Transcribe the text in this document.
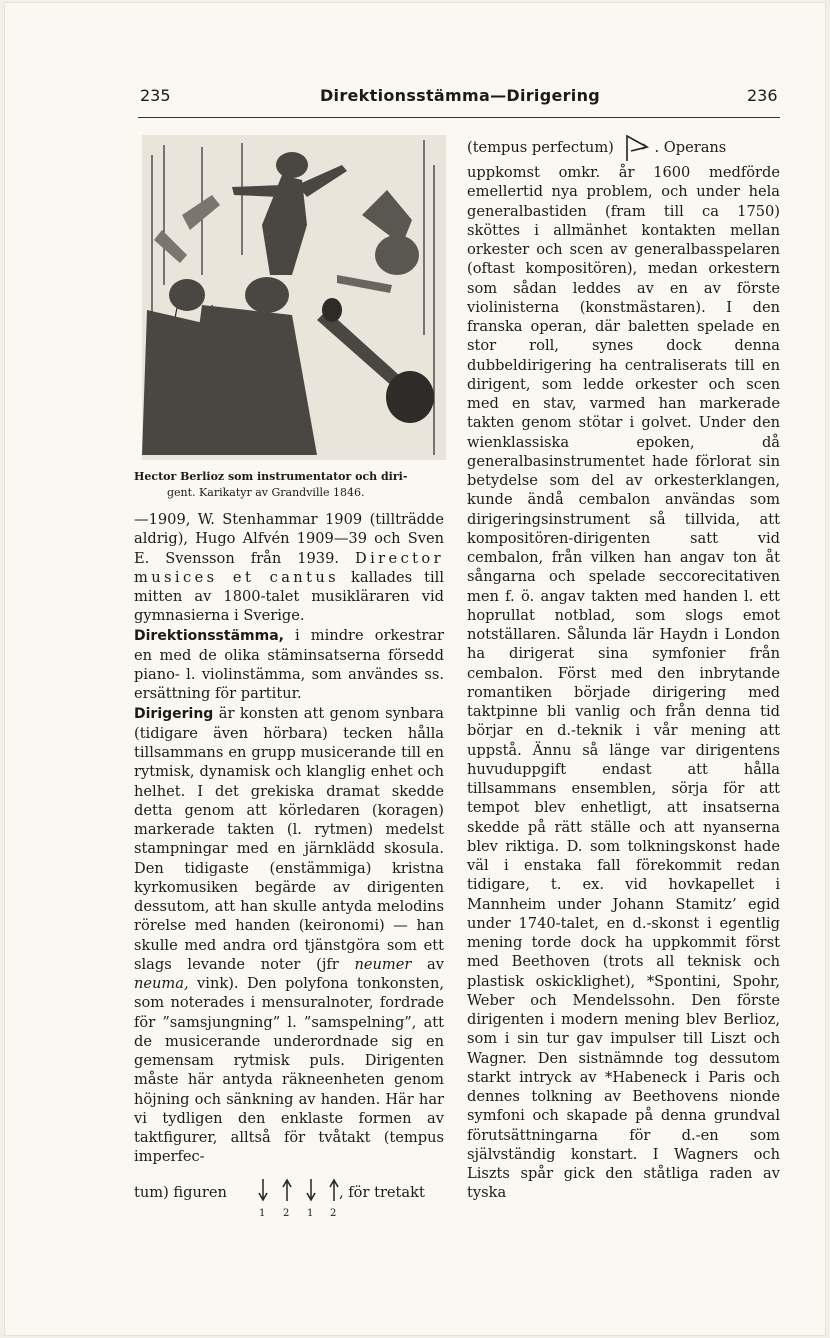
235	Direktionsstämma—Dirigering	236
Hector Berlioz som instrumentator och diri-
gent. Karikatyr av Grandville 1846.

—1909, W. Stenhammar 1909 (tillträdde aldrig), Hugo Alfvén 1909—39 och Sven E. Svensson från 1939. Director musices et cantus kallades till mitten av 1800-talet musikläraren vid gymnasierna i Sverige.

Direktionsstämma, i mindre orkestrar en med de olika stäminsatserna försedd piano- l. violinstämma, som användes ss. ersättning för partitur.

Dirigering är konsten att genom synbara (tidigare även hörbara) tecken hålla tillsammans en grupp musicerande till en rytmisk, dynamisk och klanglig enhet och helhet. I det grekiska dramat skedde detta genom att körledaren (koragen) markerade takten (l. rytmen) medelst stampningar med en järnklädd skosula. Den tidigaste (enstämmiga) kristna kyrkomusiken begärde av dirigenten dessutom, att han skulle antyda melodins rörelse med handen (keironomi) — han skulle med andra ord tjänstgöra som ett slags levande noter (jfr neumer av neuma, vink). Den polyfona tonkonsten, som noterades i mensuralnoter, fordrade för ”samsjungning” l. ”samspelning”, att de musicerande underordnade sig en gemensam rytmisk puls. Dirigenten måste här antyda räkneenheten genom höjning och sänkning av handen. Här har vi tydligen den enklaste formen av taktfigurer, alltså för tvåtakt (tempus imperfec-

tum) figuren	, för tretakt
1 2 1 2

(tempus perfectum)	. Operans

uppkomst omkr. år 1600 medförde emellertid nya problem, och under hela generalbastiden (fram till ca 1750) sköttes i allmänhet kontakten mellan orkester och scen av generalbasspelaren (oftast kompositören), medan orkestern som sådan leddes av en av förste violinisterna (konstmästaren). I den franska operan, där baletten spelade en stor roll, synes dock denna dubbeldirigering ha centraliserats till en dirigent, som ledde orkester och scen med en stav, varmed han markerade takten genom stötar i golvet. Under den wienklassiska epoken, då generalbasinstrumentet hade förlorat sin betydelse som del av orkesterklangen, kunde ändå cembalon användas som dirigeringsinstrument så tillvida, att kompositören-dirigenten satt vid cembalon, från vilken han angav ton åt sångarna och spelade seccorecitativen men f. ö. angav takten med handen l. ett hoprullat notblad, som slogs emot notställaren. Sålunda lär Haydn i London ha dirigerat sina symfonier från cembalon. Först med den inbrytande romantiken började dirigering med taktpinne bli vanlig och från denna tid börjar en d.-teknik i vår mening att uppstå. Ännu så länge var dirigentens huvuduppgift endast att hålla tillsammans ensemblen, sörja för att tempot blev enhetligt, att insatserna skedde på rätt ställe och att nyanserna blev riktiga. D. som tolkningskonst hade väl i enstaka fall förekommit redan tidigare, t. ex. vid hovkapellet i Mannheim under Johann Stamitz’ egid under 1740-talet, en d.-skonst i egentlig mening torde dock ha uppkommit först med Beethoven (trots all teknisk och plastisk oskicklighet), *Spontini, Spohr, Weber och Mendelssohn. Den förste dirigenten i modern mening blev Berlioz, som i sin tur gav impulser till Liszt och Wagner. Den sistnämnde tog dessutom starkt intryck av *Habeneck i Paris och dennes tolkning av Beethovens nionde symfoni och skapade på denna grundval förutsättningarna för d.-en som självständig konstart. I Wagners och Liszts spår gick den ståtliga raden av tyska
